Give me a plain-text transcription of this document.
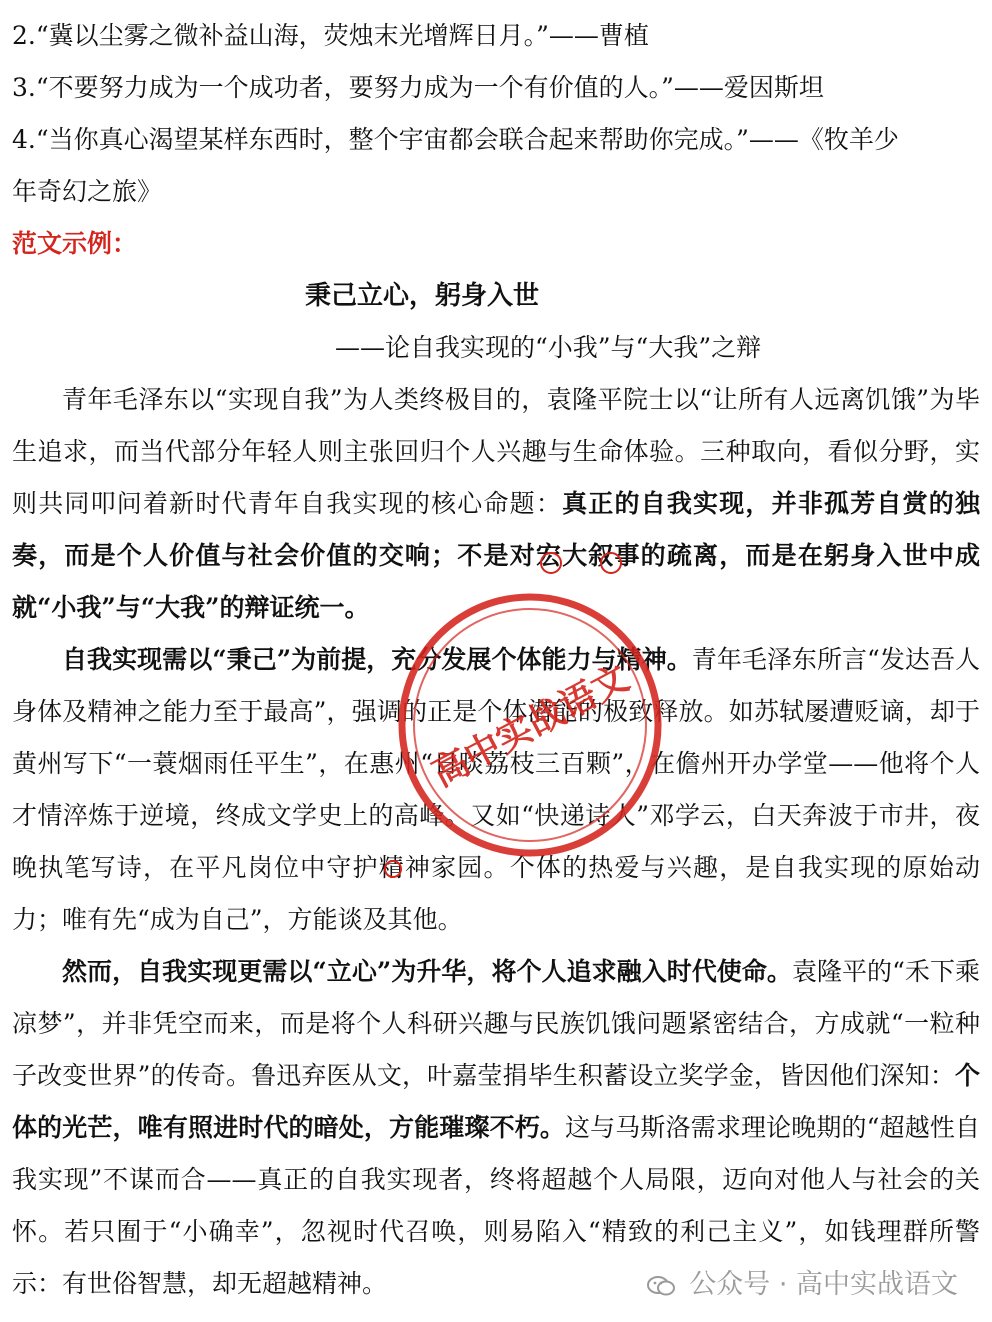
2.“冀以尘雾之微补益山海，荧烛末光增辉日月。”——曹植
3.“不要努力成为一个成功者，要努力成为一个有价值的人。”——爱因斯坦
4.“当你真心渴望某样东西时，整个宇宙都会联合起来帮助你完成。”——《牧羊少
年奇幻之旅》
范文示例：
秉己立心，躬身入世
——论自我实现的“小我”与“大我”之辩

青年毛泽东以“实现自我”为人类终极目的，袁隆平院士以“让所有人远离饥饿”为毕生追求，而当代部分年轻人则主张回归个人兴趣与生命体验。三种取向，看似分野，实则共同叩问着新时代青年自我实现的核心命题：真正的自我实现，并非孤芳自赏的独奏，而是个人价值与社会价值的交响；不是对宏大叙事的疏离，而是在躬身入世中成就“小我”与“大我”的辩证统一。

自我实现需以“秉己”为前提，充分发展个体能力与精神。青年毛泽东所言“发达吾人身体及精神之能力至于最高”，强调的正是个体潜能的极致释放。如苏轼屡遭贬谪，却于黄州写下“一蓑烟雨任平生”，在惠州“日啖荔枝三百颗”，在儋州开办学堂——他将个人才情淬炼于逆境，终成文学史上的高峰。又如“快递诗人”邓学云，白天奔波于市井，夜晚执笔写诗，在平凡岗位中守护精神家园。个体的热爱与兴趣，是自我实现的原始动力；唯有先“成为自己”，方能谈及其他。

然而，自我实现更需以“立心”为升华，将个人追求融入时代使命。袁隆平的“禾下乘凉梦”，并非凭空而来，而是将个人科研兴趣与民族饥饿问题紧密结合，方成就“一粒种子改变世界”的传奇。鲁迅弃医从文，叶嘉莹捐毕生积蓄设立奖学金，皆因他们深知：个体的光芒，唯有照进时代的暗处，方能璀璨不朽。这与马斯洛需求理论晚期的“超越性自我实现”不谋而合——真正的自我实现者，终将超越个人局限，迈向对他人与社会的关怀。若只囿于“小确幸”，忽视时代召唤，则易陷入“精致的利己主义”，如钱理群所警示：有世俗智慧，却无超越精神。

高中实战语文
公众号 · 高中实战语文
